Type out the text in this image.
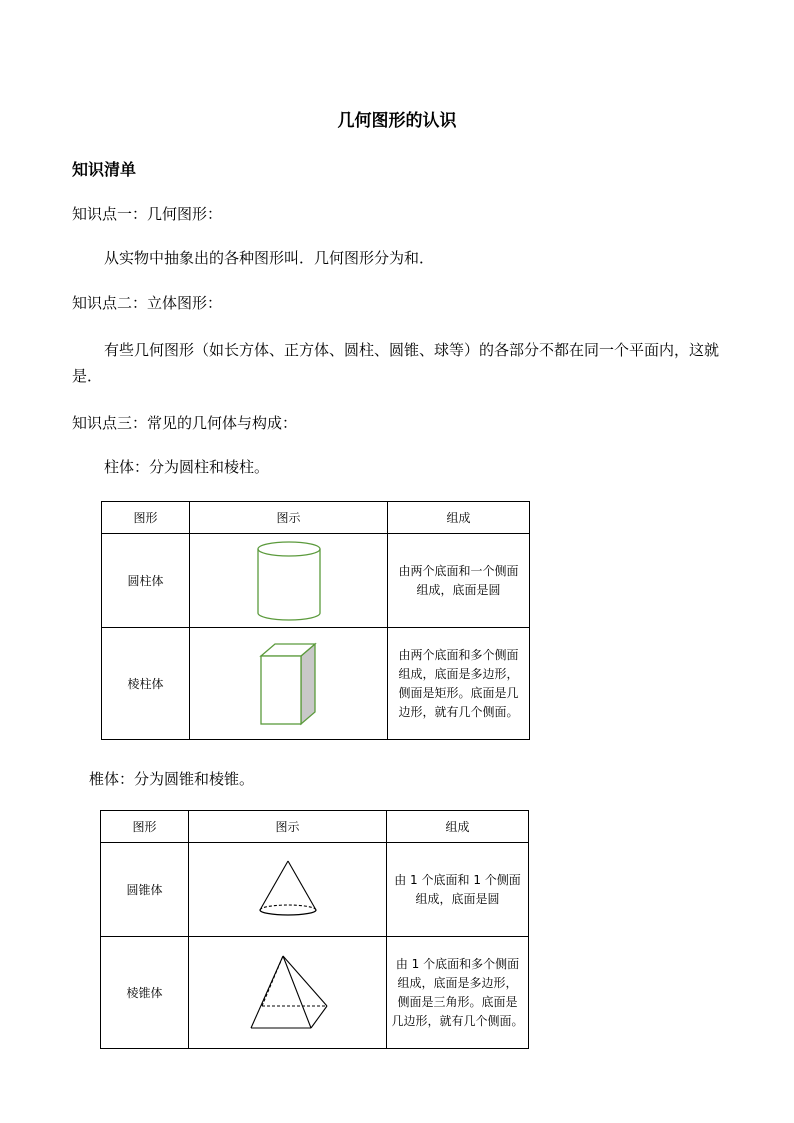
几何图形的认识
知识清单
知识点一：几何图形：
从实物中抽象出的各种图形叫．几何图形分为和．
知识点二：立体图形：
有些几何图形（如长方体、正方体、圆柱、圆锥、球等）的各部分不都在同一个平面内，这就是．
知识点三：常见的几何体与构成：
柱体：分为圆柱和棱柱。
图形	图示	组成
圆柱体		由两个底面和一个侧面
组成，底面是圆

棱柱体		由两个底面和多个侧面
组成，底面是多边形，
侧面是矩形。底面是几
边形，就有几个侧面。
椎体：分为圆锥和棱锥。
图形	图示	组成
圆锥体		由 1 个底面和 1 个侧面
组成，底面是圆

棱锥体		由 1 个底面和多个侧面
组成，底面是多边形，
侧面是三角形。底面是
几边形，就有几个侧面。
